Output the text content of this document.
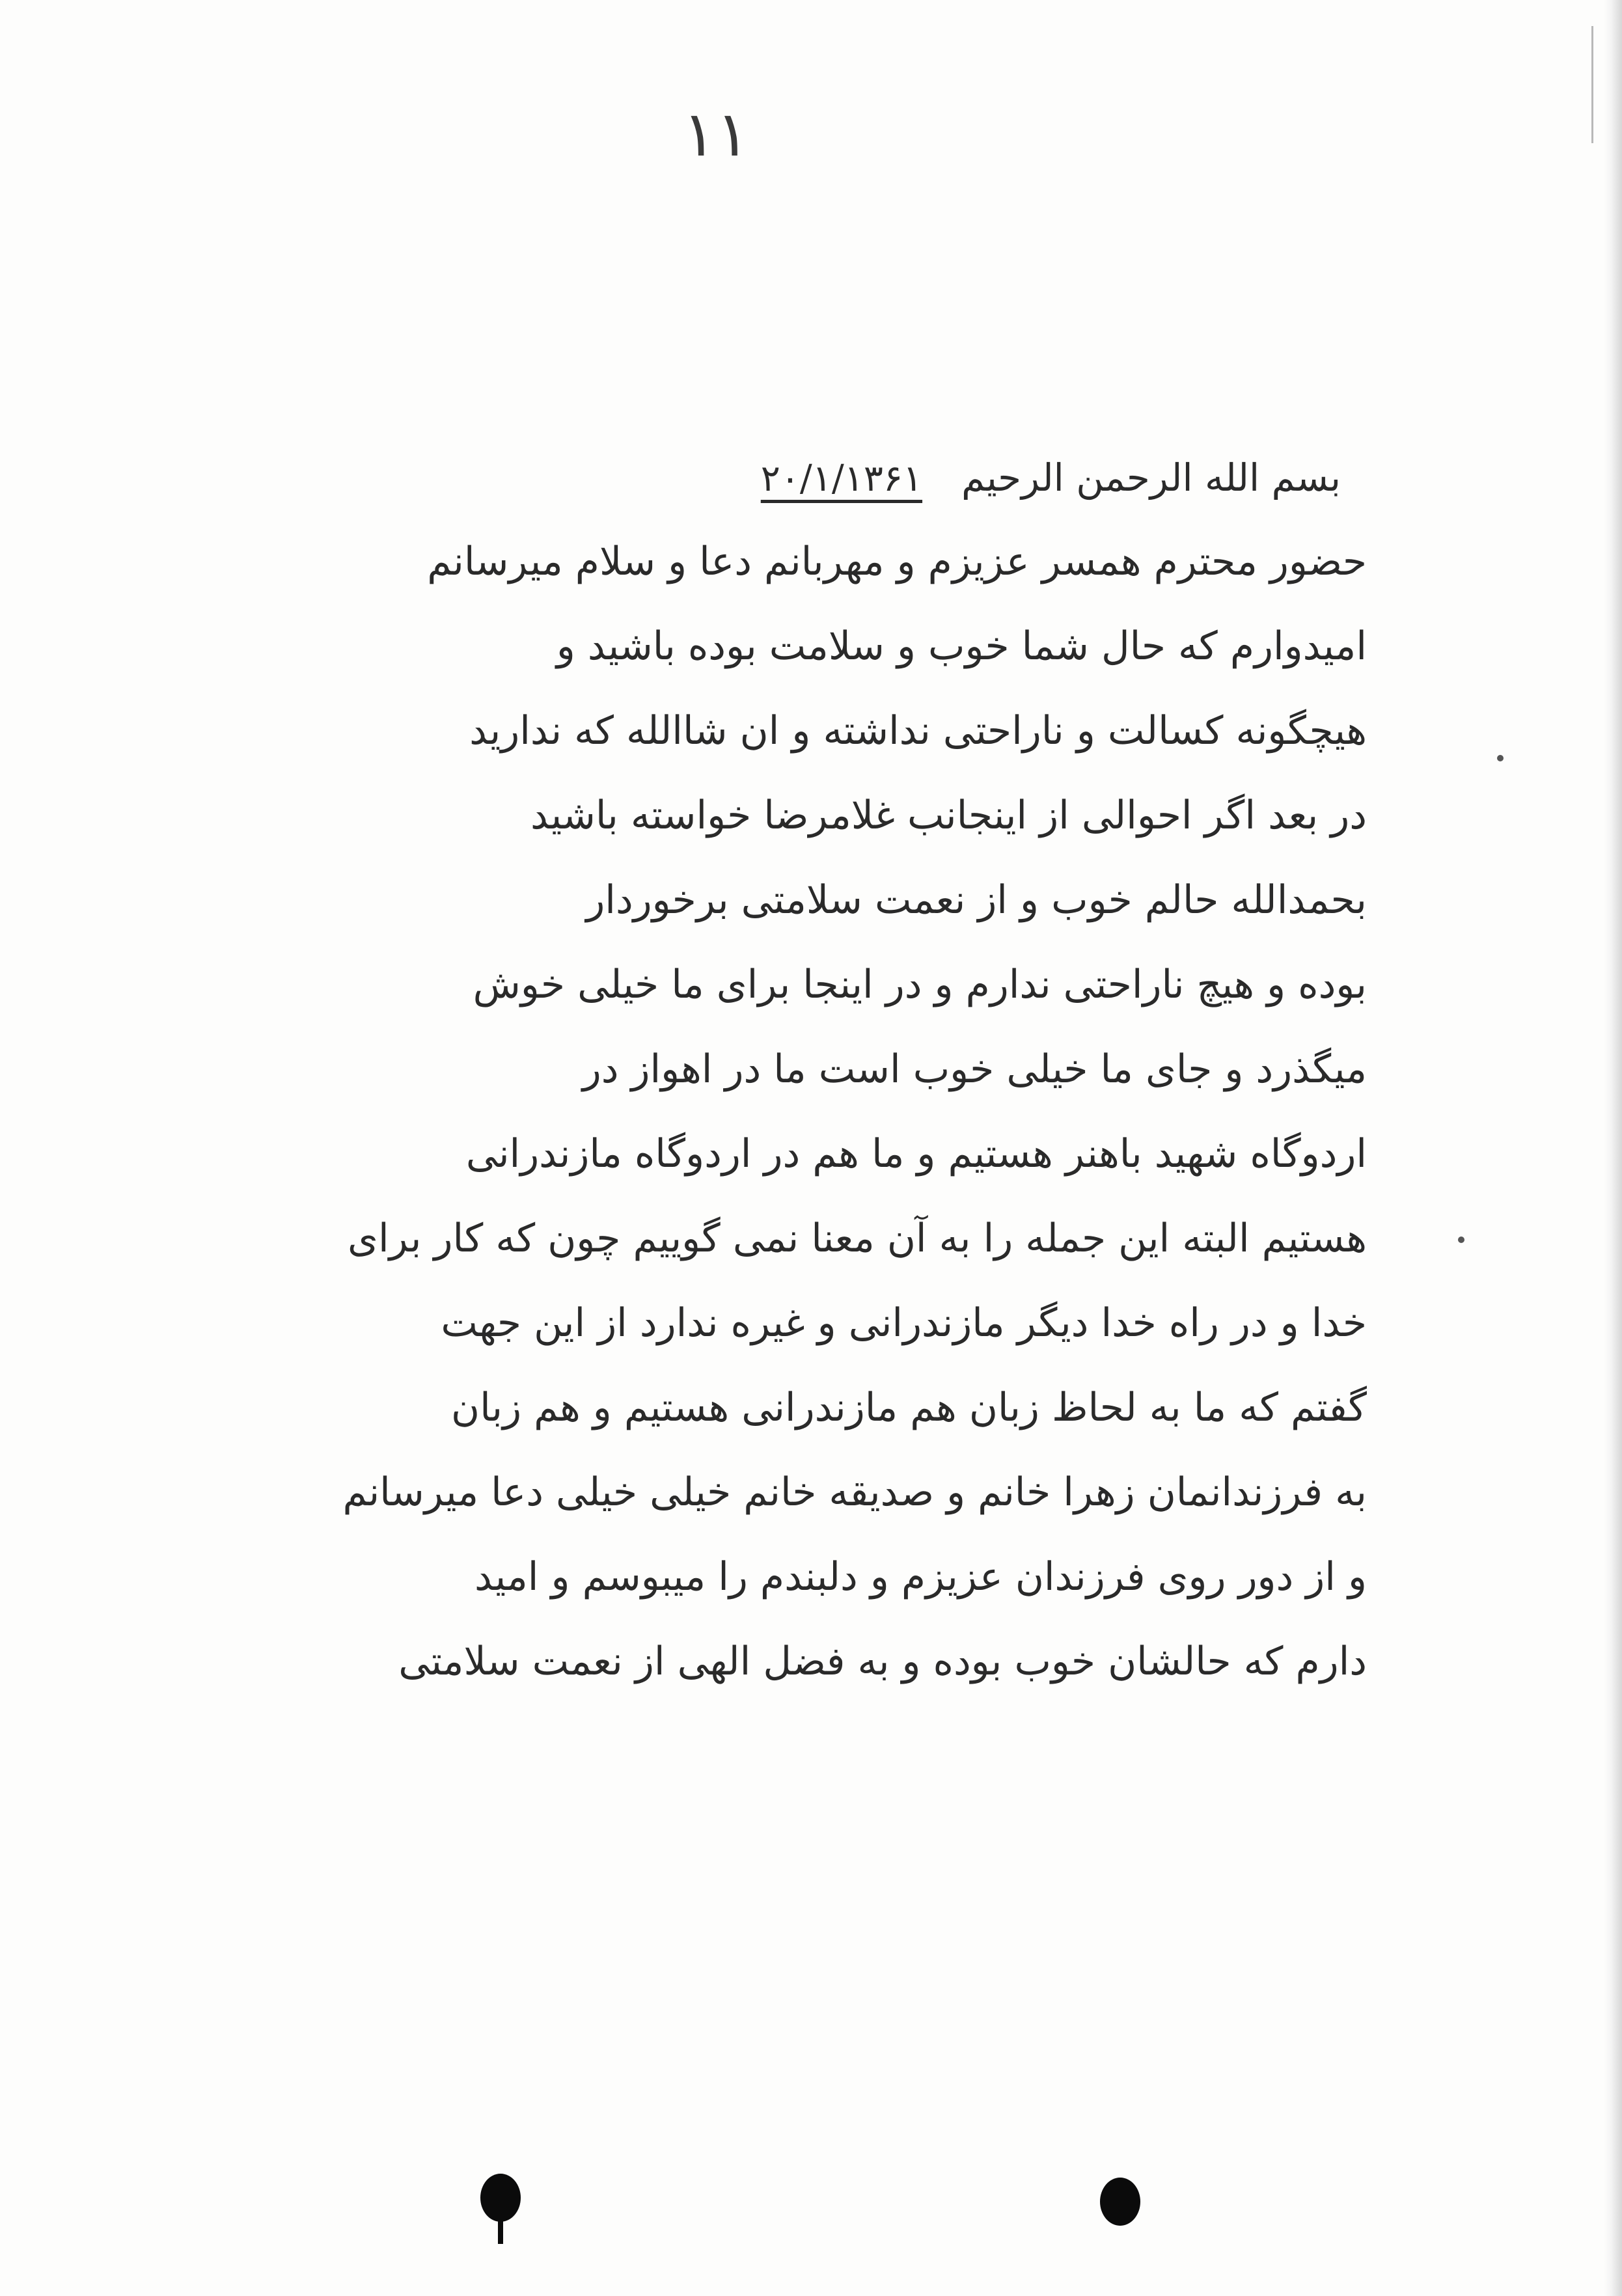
۱۱
بسم الله الرحمن الرحیم
۲۰/۱/۱۳۶۱
حضور محترم همسر عزیزم و مهربانم دعا و سلام میرسانم
امیدوارم که حال شما خوب و سلامت بوده باشید و
هیچگونه کسالت و ناراحتی نداشته و ان شاالله که ندارید
در بعد اگر احوالی از اینجانب غلامرضا خواسته باشید
بحمدالله حالم خوب و از نعمت سلامتی برخوردار
بوده و هیچ ناراحتی ندارم و در اینجا برای ما خیلی خوش
میگذرد و جای ما خیلی خوب است ما در اهواز در
اردوگاه شهید باهنر هستیم و ما هم در اردوگاه مازندرانی
هستیم البته این جمله را به آن معنا نمی گوییم چون که کار برای
خدا و در راه خدا دیگر مازندرانی و غیره ندارد از این جهت
گفتم که ما به لحاظ زبان هم مازندرانی هستیم و هم زبان
به فرزندانمان زهرا خانم و صدیقه خانم خیلی خیلی دعا میرسانم
و از دور روی فرزندان عزیزم و دلبندم را میبوسم و امید
دارم که حالشان خوب بوده و به فضل الهی از نعمت سلامتی
